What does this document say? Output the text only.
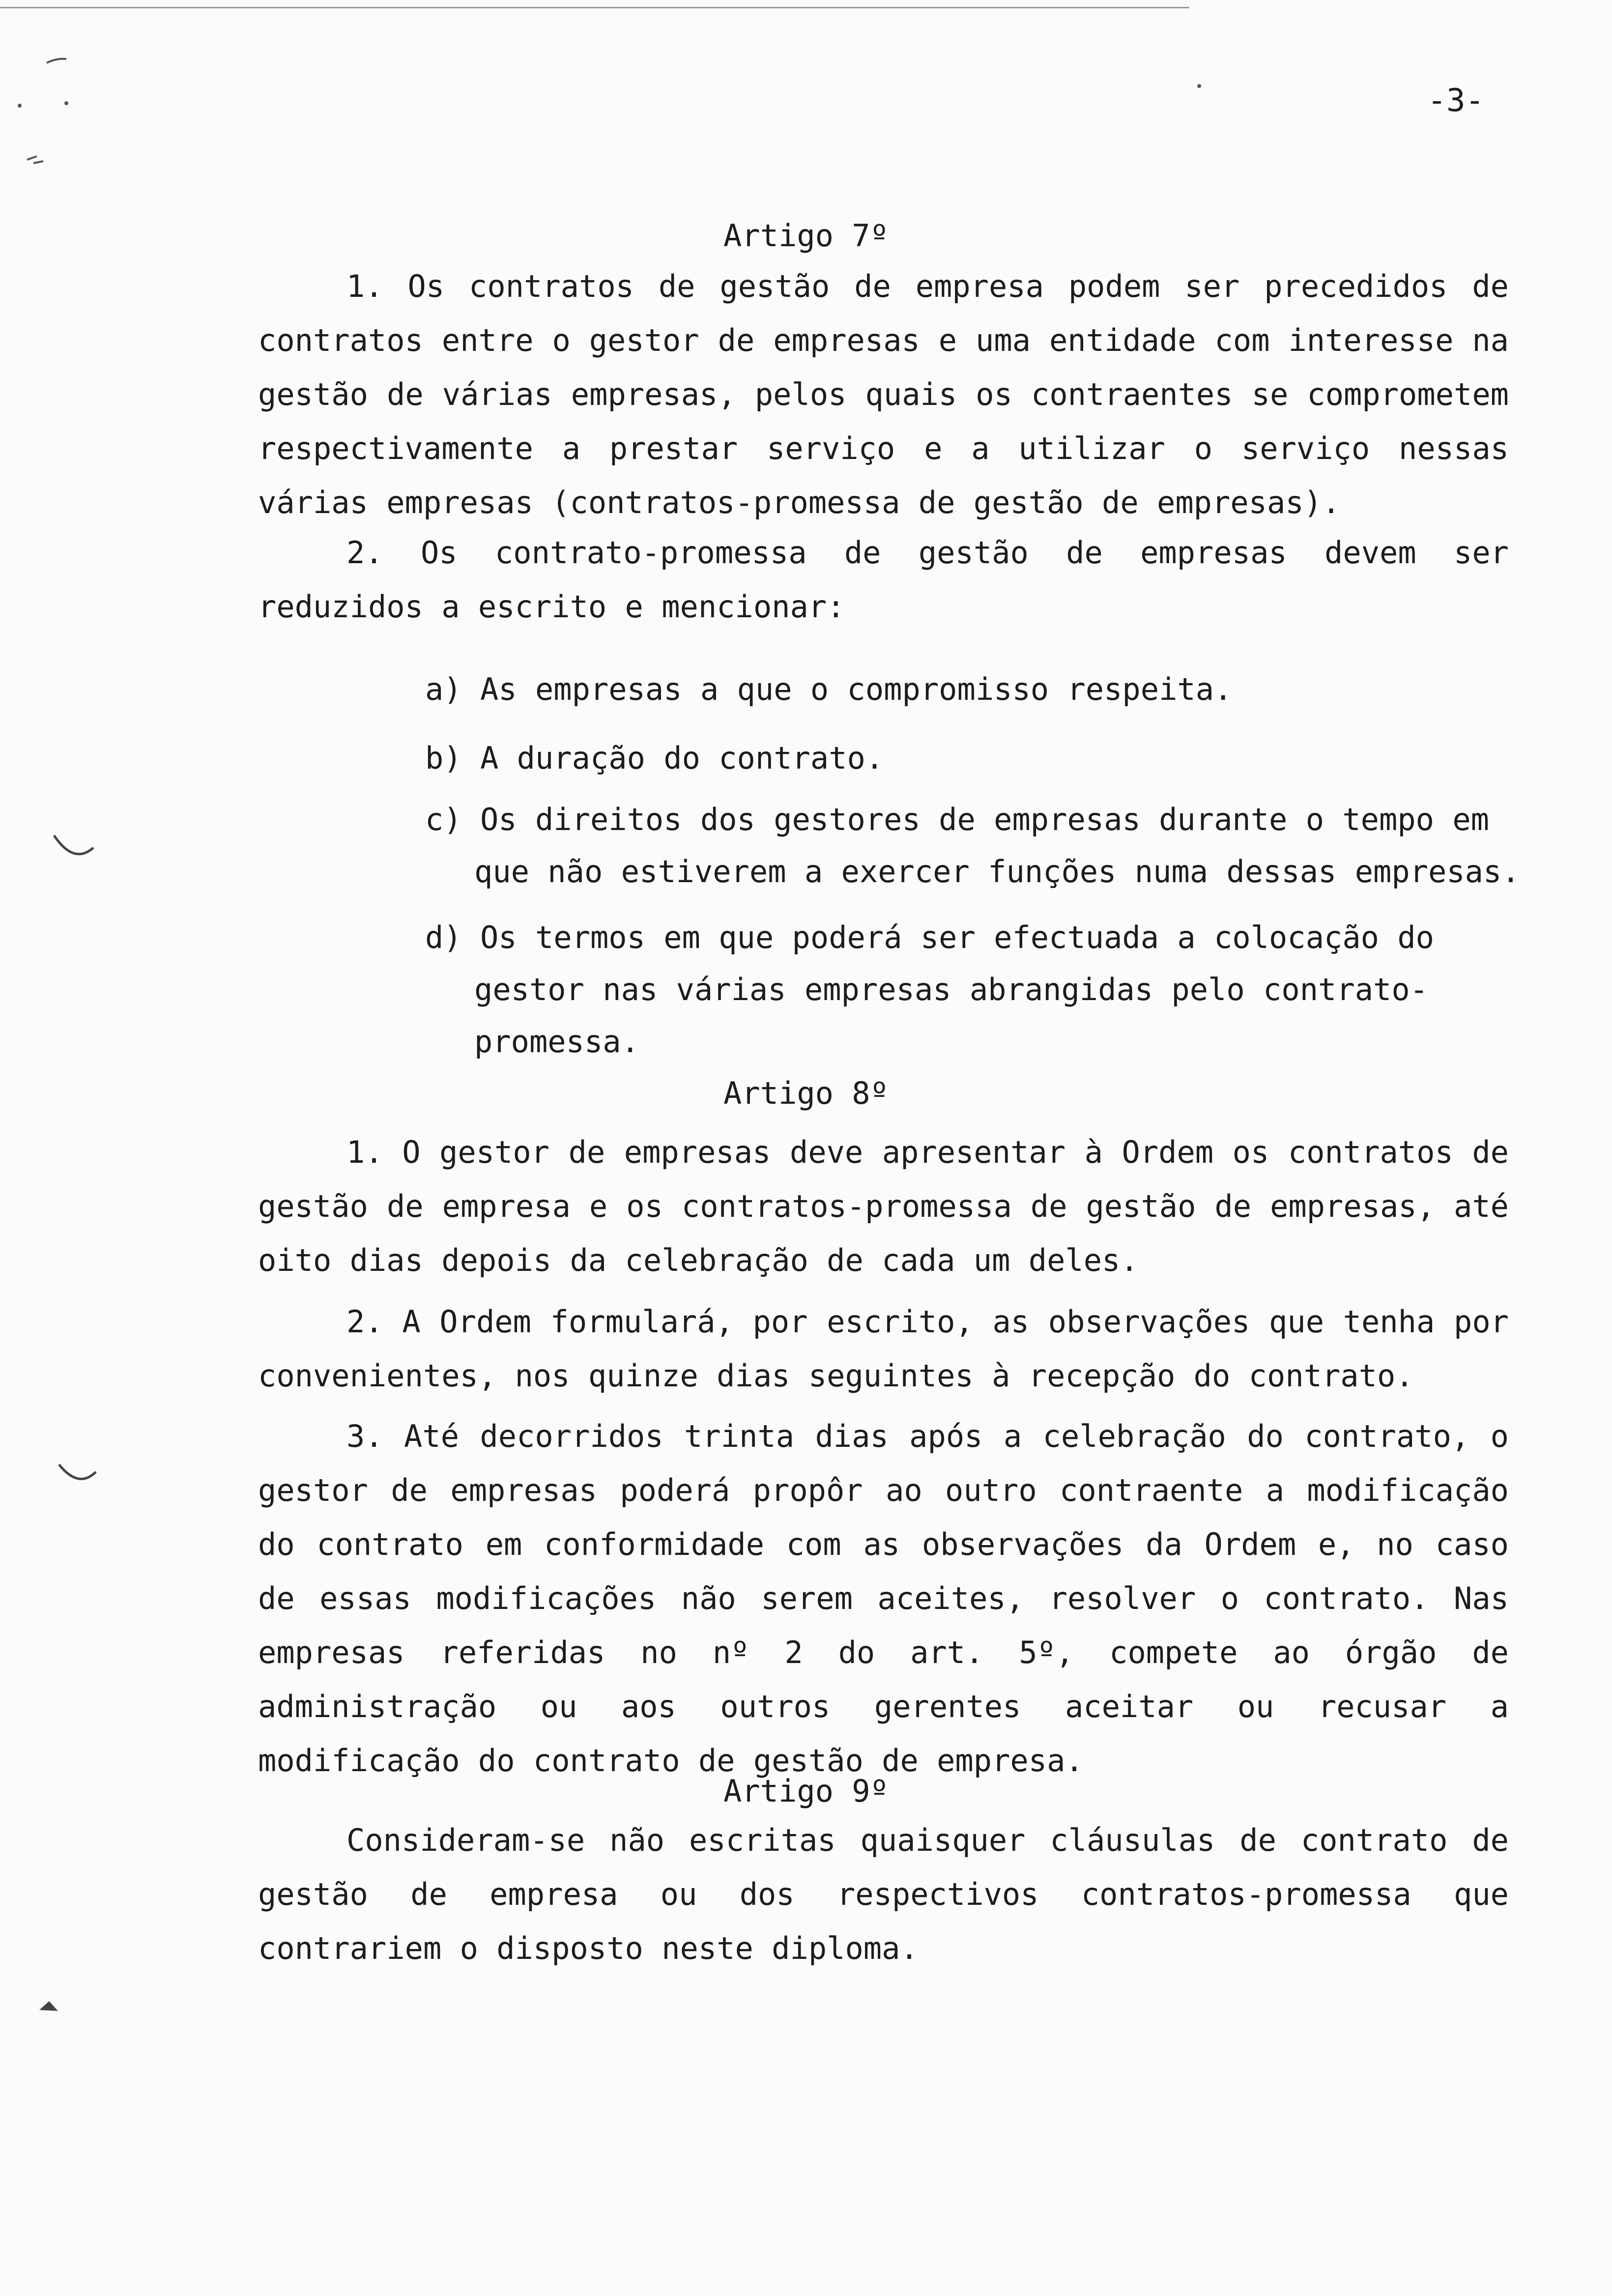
-3-
Artigo 7º

1. Os contratos de gestão de empresa podem ser precedidos de contratos entre o gestor de empresas e uma entidade com interesse na gestão de várias empresas, pelos quais os contraentes se comprometem respectivamente a prestar serviço e a utilizar o serviço nessas várias empresas (contratos-promessa de gestão de empresas).

2. Os contrato-promessa de gestão de empresas devem ser reduzidos a escrito e mencionar:

a) As empresas a que o compromisso respeita.

b) A duração do contrato.

c) Os direitos dos gestores de empresas durante o tempo em que não estiverem a exercer funções numa dessas empresas.

d) Os termos em que poderá ser efectuada a colocação do gestor nas várias empresas abrangidas pelo contrato-promessa.

Artigo 8º

1. O gestor de empresas deve apresentar à Ordem os contratos de gestão de empresa e os contratos-promessa de gestão de empresas, até oito dias depois da celebração de cada um deles.

2. A Ordem formulará, por escrito, as observações que tenha por convenientes, nos quinze dias seguintes à recepção do contrato.

3. Até decorridos trinta dias após a celebração do contrato, o gestor de empresas poderá propôr ao outro contraente a modificação do contrato em conformidade com as observações da Ordem e, no caso de essas modificações não serem aceites, resolver o contrato. Nas empresas referidas no nº 2 do art. 5º, compete ao órgão de administração ou aos outros gerentes aceitar ou recusar a modificação do contrato de gestão de empresa.

Artigo 9º

Consideram-se não escritas quaisquer cláusulas de contrato de gestão de empresa ou dos respectivos contratos-promessa que contrariem o disposto neste diploma.
